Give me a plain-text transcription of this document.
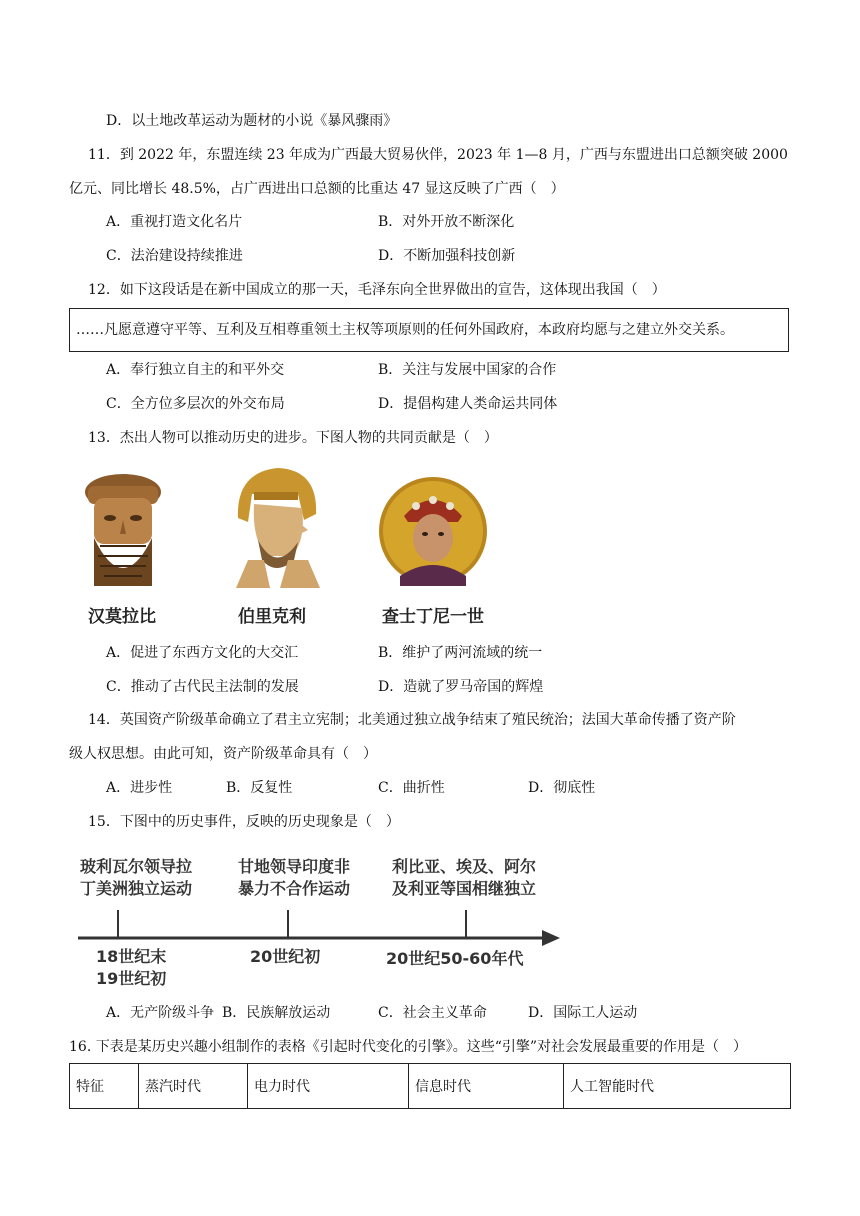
D．以土地改革运动为题材的小说《暴风骤雨》
11．到 2022 年，东盟连续 23 年成为广西最大贸易伙伴，2023 年 1—8 月，广西与东盟进出口总额突破 2000
亿元、同比增长 48.5%，占广西进出口总额的比重达 47 显这反映了广西（　）
A．重视打造文化名片	B．对外开放不断深化
C．法治建设持续推进	D．不断加强科技创新
12．如下这段话是在新中国成立的那一天，毛泽东向全世界做出的宣告，这体现出我国（　）
……凡愿意遵守平等、互利及互相尊重领土主权等项原则的任何外国政府，本政府均愿与之建立外交关系。
A．奉行独立自主的和平外交	B．关注与发展中国家的合作
C．全方位多层次的外交布局	D．提倡构建人类命运共同体
13．杰出人物可以推动历史的进步。下图人物的共同贡献是（　）
汉莫拉比	伯里克利	查士丁尼一世
A．促进了东西方文化的大交汇	B．维护了两河流域的统一
C．推动了古代民主法制的发展	D．造就了罗马帝国的辉煌
14．英国资产阶级革命确立了君主立宪制；北美通过独立战争结束了殖民统治；法国大革命传播了资产阶
级人权思想。由此可知，资产阶级革命具有（　）
A．进步性	B．反复性	C．曲折性	D．彻底性
15．下图中的历史事件，反映的历史现象是（　）
玻利瓦尔领导拉
丁美洲独立运动
甘地领导印度非
暴力不合作运动
利比亚、埃及、阿尔
及利亚等国相继独立
18世纪末
19世纪初
20世纪初	20世纪50-60年代
A．无产阶级斗争 B．民族解放运动	C．社会主义革命	D．国际工人运动
16. 下表是某历史兴趣小组制作的表格《引起时代变化的引擎》。这些“引擎”对社会发展最重要的作用是（　）
特征	蒸汽时代	电力时代	信息时代	人工智能时代
